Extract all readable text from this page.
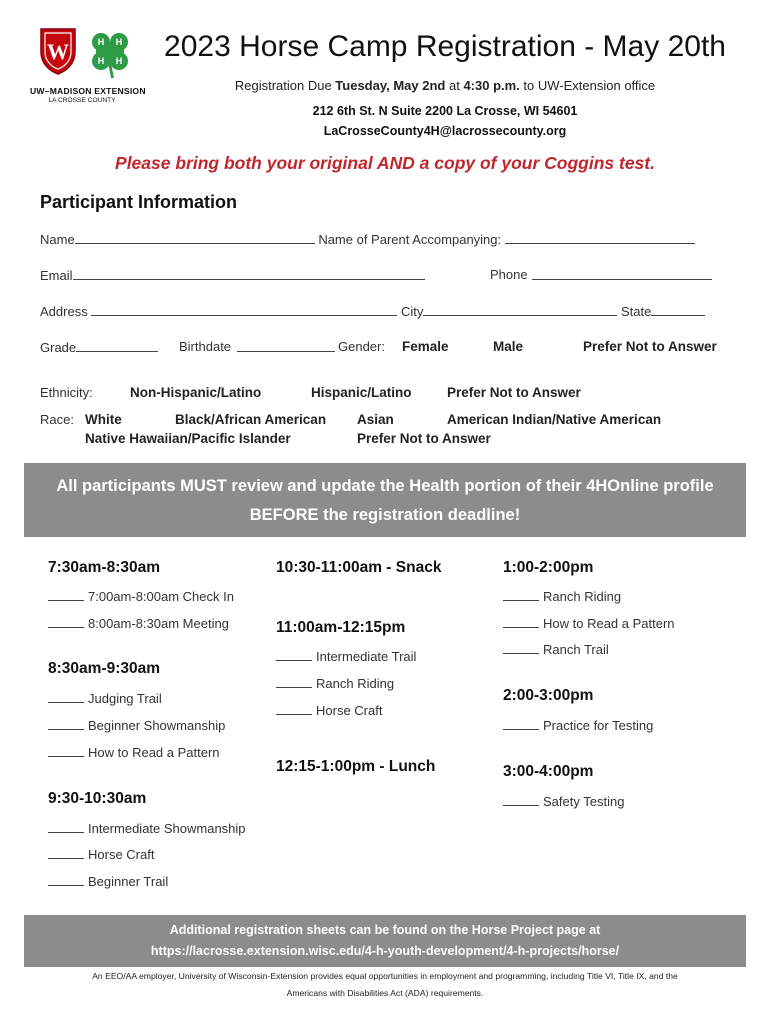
W
UW–MADISON EXTENSION
LA CROSSE COUNTY
H H
H H	2023 Horse Camp Registration - May 20th
Registration Due Tuesday, May 2nd at 4:30 p.m. to UW-Extension office
212 6th St. N Suite 2200 La Crosse, WI 54601
LaCrosseCounty4H@lacrossecounty.org
Please bring both your original AND a copy of your Coggins test.
Participant Information
Name	Name of Parent Accompanying:
Email	Phone
Address	City	State
Grade	Birthdate	Gender: Female	Male	Prefer Not to Answer
Ethnicity:	Non-Hispanic/Latino	Hispanic/Latino	Prefer Not to Answer
Race: White	Black/African American Asian	American Indian/Native American
Native Hawaiian/Pacific Islander	Prefer Not to Answer
All participants MUST review and update the Health portion of their 4HOnline profile
BEFORE the registration deadline!
7:30am-8:30am
7:00am-8:00am Check In
8:00am-8:30am Meeting
8:30am-9:30am
Judging Trail
Beginner Showmanship
How to Read a Pattern
9:30-10:30am
Intermediate Showmanship
Horse Craft
Beginner Trail
10:30-11:00am - Snack
11:00am-12:15pm
Intermediate Trail
Ranch Riding
Horse Craft
12:15-1:00pm - Lunch
1:00-2:00pm
Ranch Riding
How to Read a Pattern
Ranch Trail
2:00-3:00pm
Practice for Testing
3:00-4:00pm
Safety Testing
Additional registration sheets can be found on the Horse Project page at
https://lacrosse.extension.wisc.edu/4-h-youth-development/4-h-projects/horse/
An EEO/AA employer, University of Wisconsin-Extension provides equal opportunities in employment and programming, including Title VI, Title IX, and the
Americans with Disabilities Act (ADA) requirements.
